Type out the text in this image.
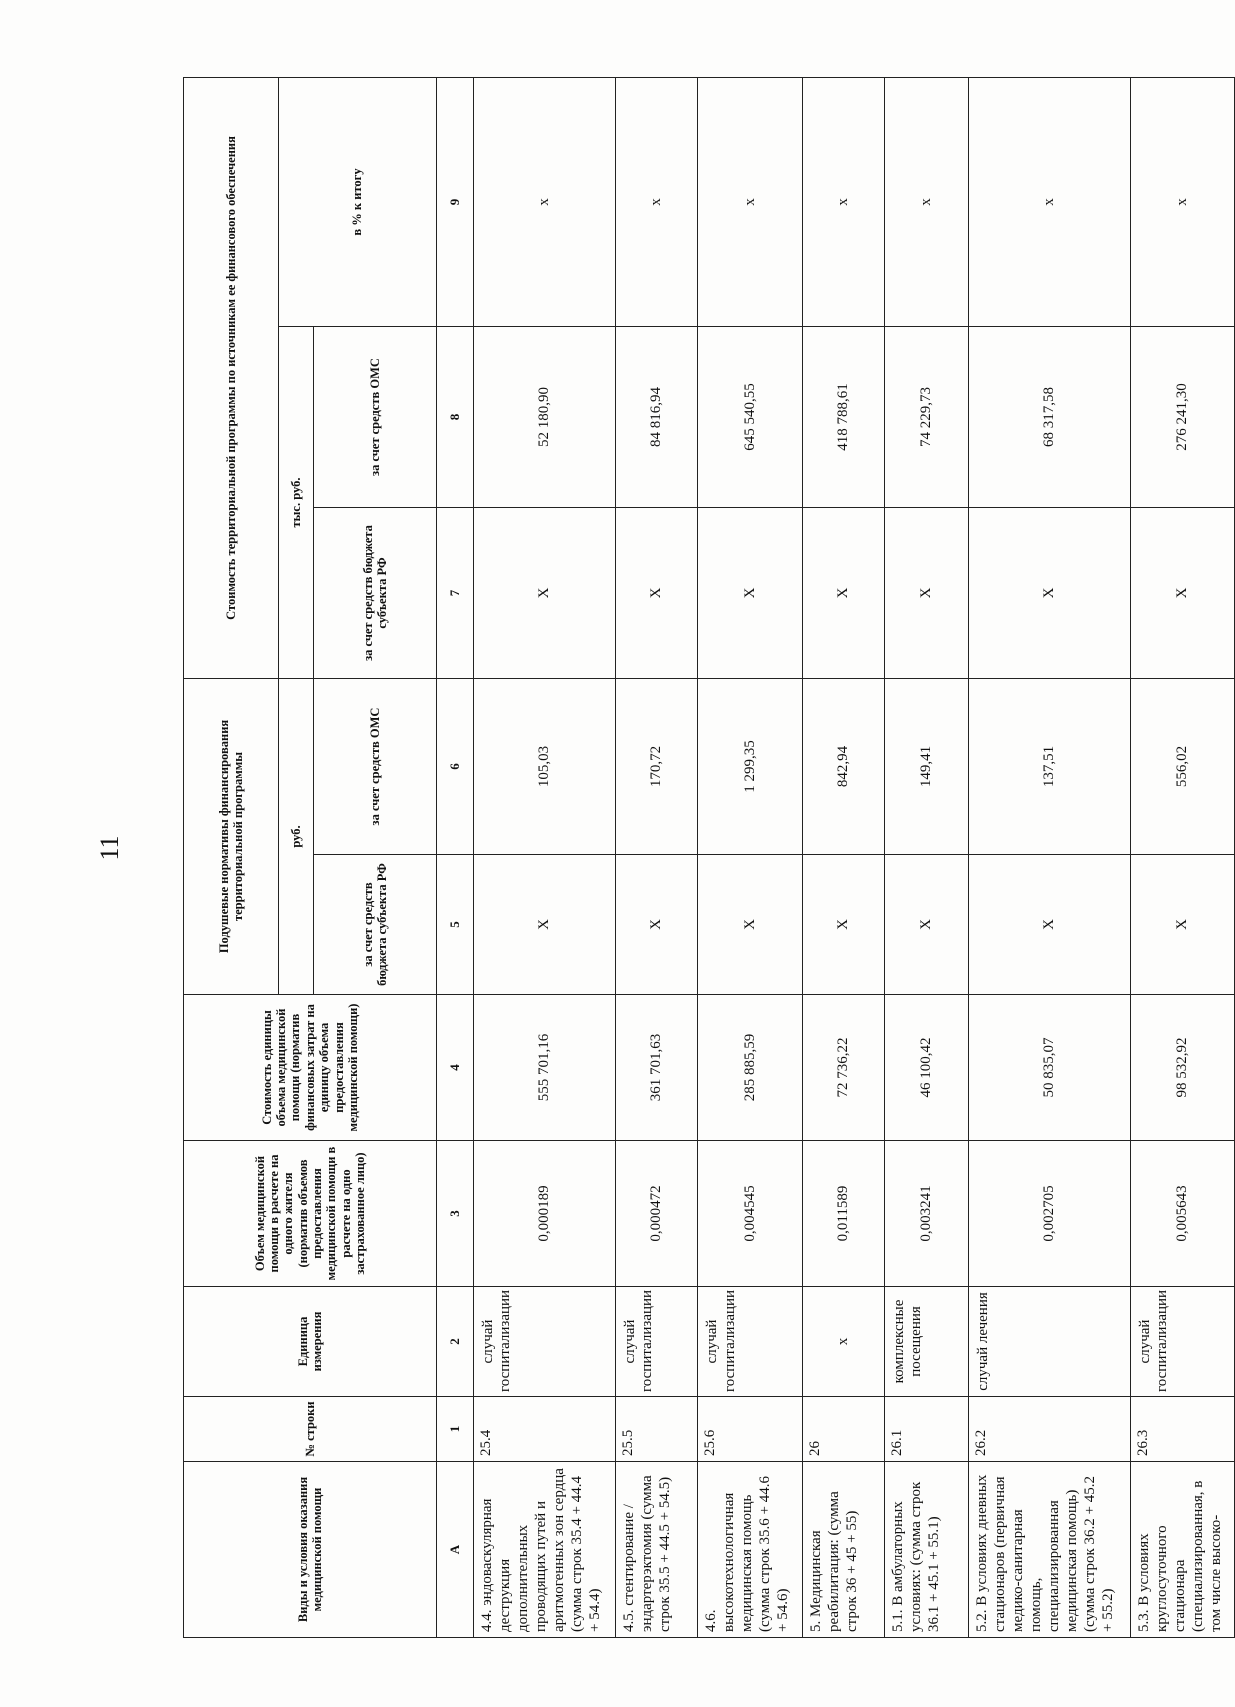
11
Виды и условия оказания медицинской помощи	№ строки	Единица измерения	Объем медицинской помощи в расчете на одного жителя (норматив объемов предоставления медицинской помощи в расчете на одно застрахованное лицо)	Стоимость единицы объема медицинской помощи (норматив финансовых затрат на единицу объема предоставления медицинской помощи)	Подушевые нормативы финансирования территориальной программы		Стоимость территориальной программы по источникам ее финансового обеспечения		
					руб.		тыс. руб.		в % к итогу
					за счет средств бюджета субъекта РФ	за счет средств ОМС	за счет средств бюджета субъекта РФ	за счет средств ОМС	
А	1	2	3	4	5	6	7	8	9
4.4. эндоваскулярная деструкция дополнительных проводящих путей и аритмогенных зон сердца (сумма строк 35.4 + 44.4 + 54.4)	25.4	случай госпитализации	0,000189	555 701,16	Х	105,03	Х	52 180,90	х
4.5. стентирование / эндартерэктомия (сумма строк 35.5 + 44.5 + 54.5)	25.5	случай госпитализации	0,000472	361 701,63	Х	170,72	Х	84 816,94	х
4.6. высокотехнологичная медицинская помощь (сумма строк 35.6 + 44.6 + 54.6)	25.6	случай госпитализации	0,004545	285 885,59	Х	1 299,35	Х	645 540,55	х
5. Медицинская реабилитация: (сумма строк 36 + 45 + 55)	26	х	0,011589	72 736,22	Х	842,94	Х	418 788,61	х
5.1. В амбулаторных условиях: (сумма строк 36.1 + 45.1 + 55.1)	26.1	комплексные посещения	0,003241	46 100,42	Х	149,41	Х	74 229,73	х
5.2. В условиях дневных стационаров (первичная медико-санитарная помощь, специализированная медицинская помощь) (сумма строк 36.2 + 45.2 + 55.2)	26.2	случай лечения	0,002705	50 835,07	Х	137,51	Х	68 317,58	х
5.3. В условиях круглосуточного стационара (специализированная, в том числе высоко-	26.3	случай госпитализации	0,005643	98 532,92	Х	556,02	Х	276 241,30	х
